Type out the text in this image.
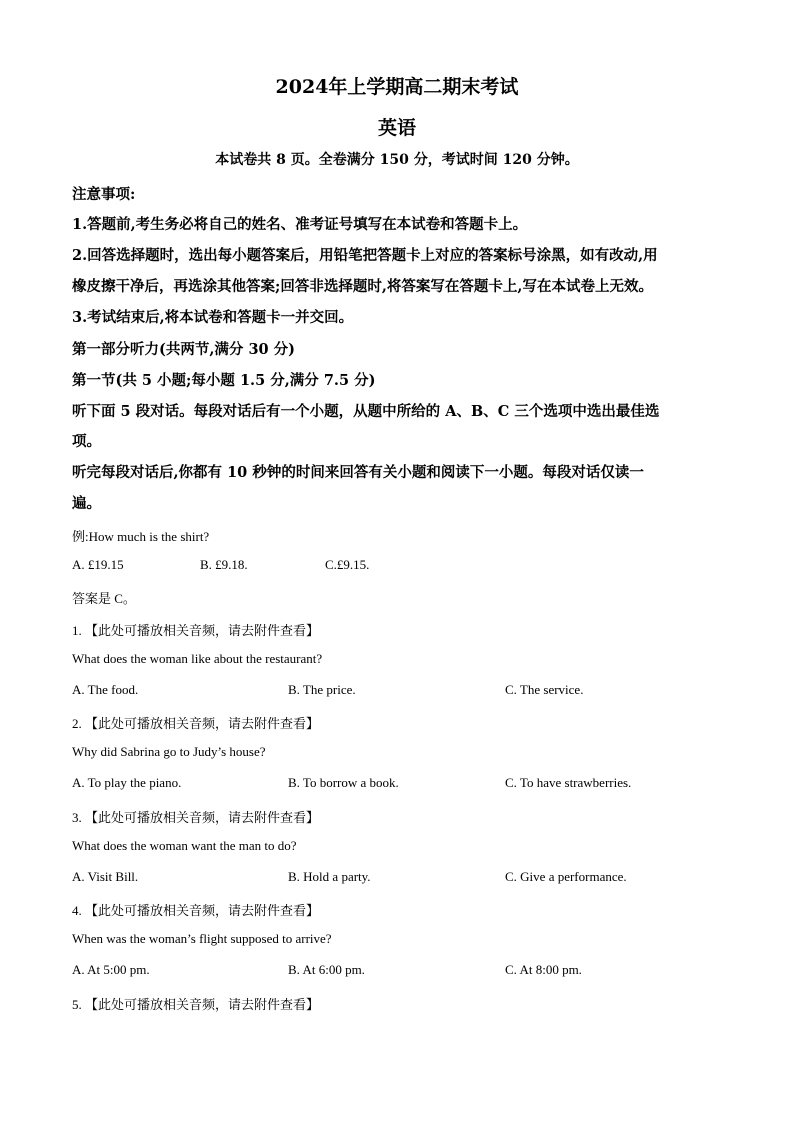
2024年上学期高二期末考试
英语
本试卷共 8 页。全卷满分 150 分，考试时间 120 分钟。
注意事项:
1.答题前,考生务必将自己的姓名、准考证号填写在本试卷和答题卡上。
2.回答选择题时，选出每小题答案后，用铅笔把答题卡上对应的答案标号涂黑，如有改动,用
橡皮擦干净后，再选涂其他答案;回答非选择题时,将答案写在答题卡上,写在本试卷上无效。
3.考试结束后,将本试卷和答题卡一并交回。
第一部分听力(共两节,满分 30 分)
第一节(共 5 小题;每小题 1.5 分,满分 7.5 分)
听下面 5 段对话。每段对话后有一个小题，从题中所给的 A、B、C 三个选项中选出最佳选
项。
听完每段对话后,你都有 10 秒钟的时间来回答有关小题和阅读下一小题。每段对话仅读一
遍。
例:How much is the shirt?
A. £19.15	B. £9.18.	C.£9.15.
答案是 C。
1. 【此处可播放相关音频，请去附件查看】
What does the woman like about the restaurant?
A. The food.	B. The price.	C. The service.
2. 【此处可播放相关音频，请去附件查看】
Why did Sabrina go to Judy’s house?
A. To play the piano.	B. To borrow a book.	C. To have strawberries.
3. 【此处可播放相关音频，请去附件查看】
What does the woman want the man to do?
A. Visit Bill.	B. Hold a party.	C. Give a performance.
4. 【此处可播放相关音频，请去附件查看】
When was the woman’s flight supposed to arrive?
A. At 5:00 pm.	B. At 6:00 pm.	C. At 8:00 pm.
5. 【此处可播放相关音频，请去附件查看】
